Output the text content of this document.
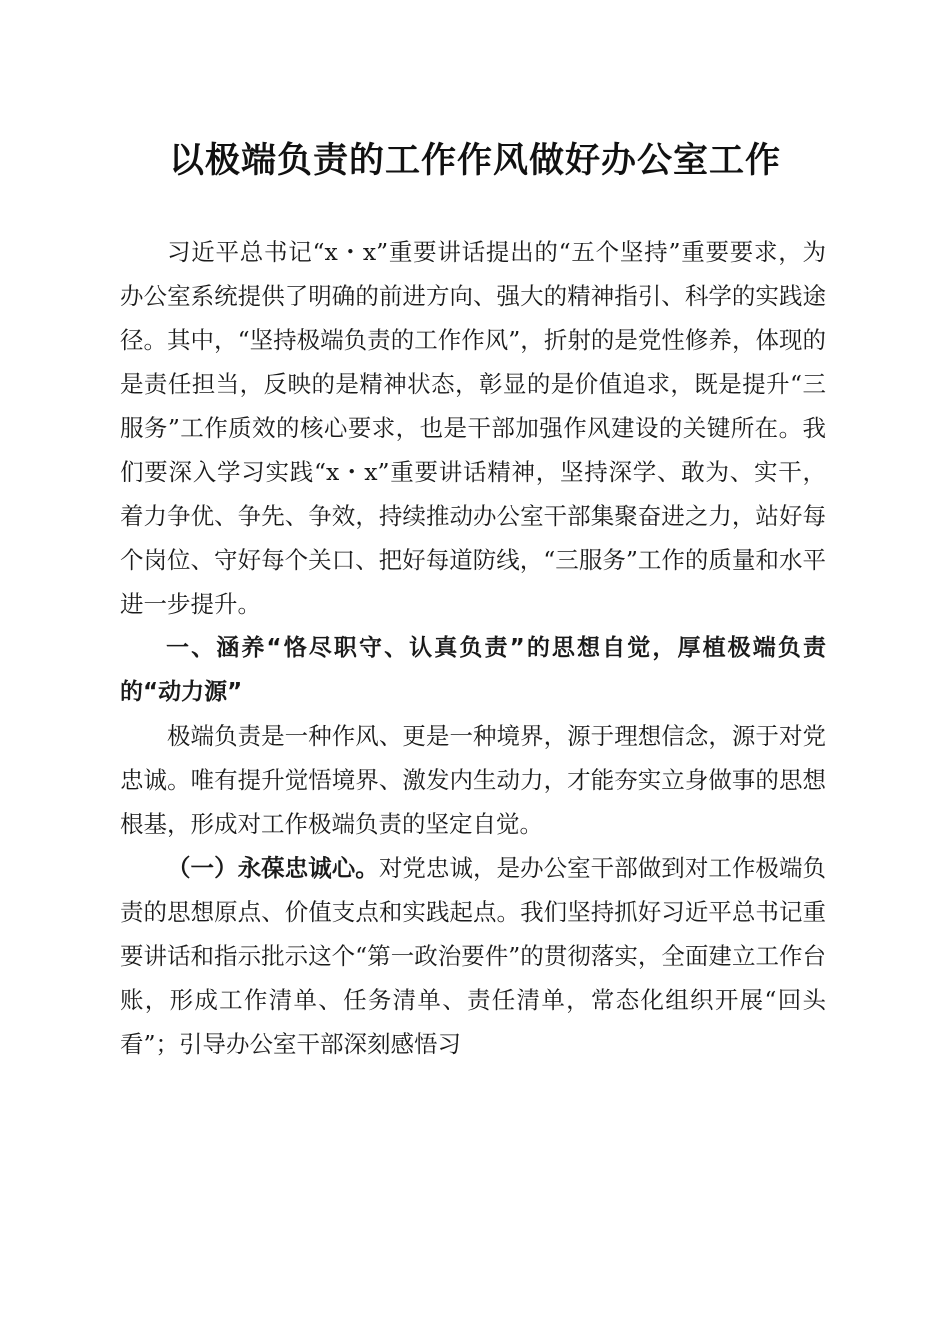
以极端负责的工作作风做好办公室工作

习近平总书记“x・x”重要讲话提出的“五个坚持”重要要求，为办公室系统提供了明确的前进方向、强大的精神指引、科学的实践途径。其中，“坚持极端负责的工作作风”，折射的是党性修养，体现的是责任担当，反映的是精神状态，彰显的是价值追求，既是提升“三服务”工作质效的核心要求，也是干部加强作风建设的关键所在。我们要深入学习实践“x・x”重要讲话精神，坚持深学、敢为、实干，着力争优、争先、争效，持续推动办公室干部集聚奋进之力，站好每个岗位、守好每个关口、把好每道防线，“三服务”工作的质量和水平进一步提升。

一、涵养“恪尽职守、认真负责”的思想自觉，厚植极端负责的“动力源”

极端负责是一种作风、更是一种境界，源于理想信念，源于对党忠诚。唯有提升觉悟境界、激发内生动力，才能夯实立身做事的思想根基，形成对工作极端负责的坚定自觉。

（一）永葆忠诚心。对党忠诚，是办公室干部做到对工作极端负责的思想原点、价值支点和实践起点。我们坚持抓好习近平总书记重要讲话和指示批示这个“第一政治要件”的贯彻落实，全面建立工作台账，形成工作清单、任务清单、责任清单，常态化组织开展“回头看”；引导办公室干部深刻感悟习
